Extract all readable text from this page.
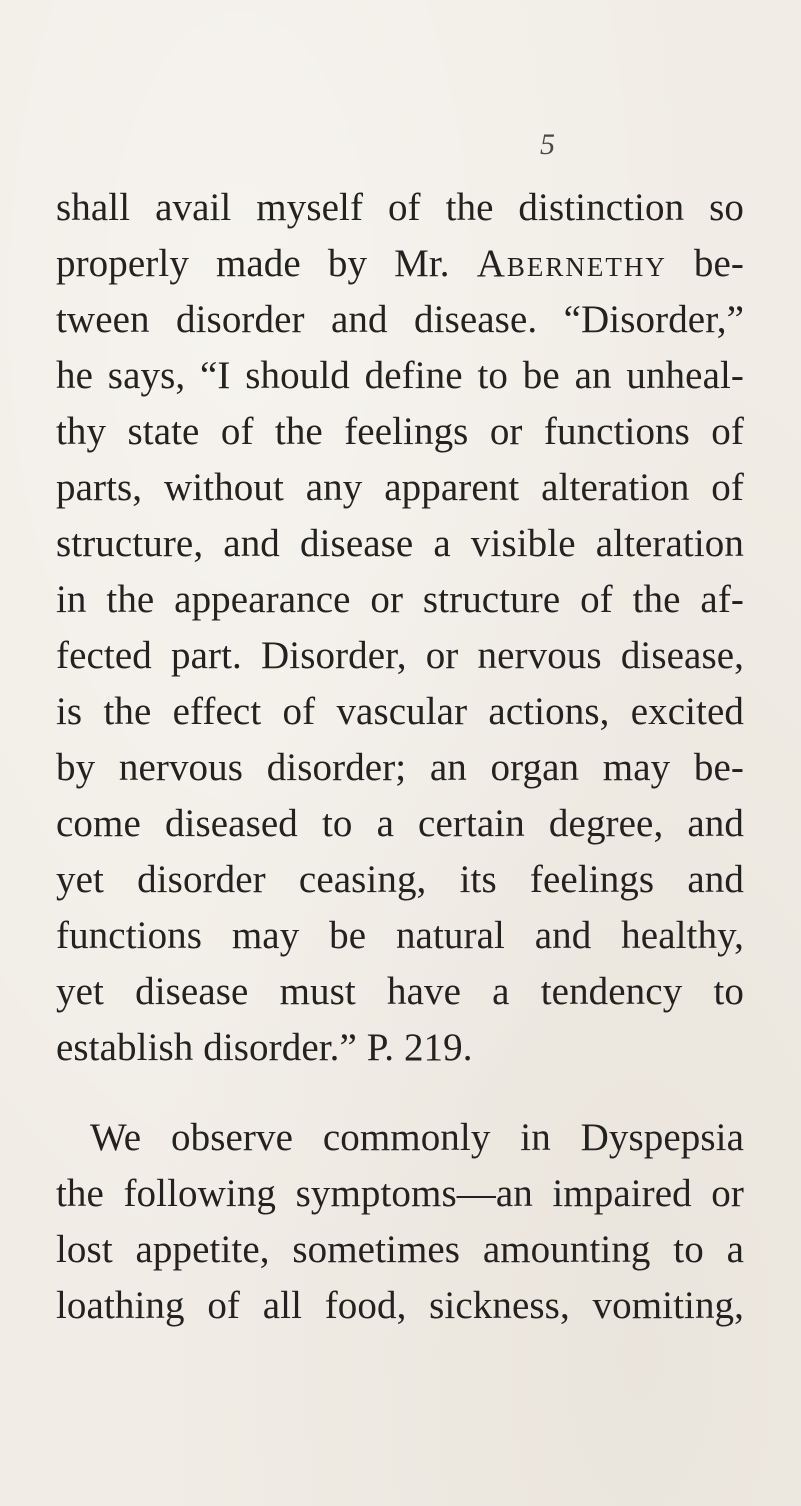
5
shall avail myself of the distinction so
properly made by Mr. Abernethy be-
tween disorder and disease. “Disorder,”
he says, “I should define to be an unheal-
thy state of the feelings or functions of
parts, without any apparent alteration of
structure, and disease a visible alteration
in the appearance or structure of the af-
fected part. Disorder, or nervous disease,
is the effect of vascular actions, excited
by nervous disorder; an organ may be-
come diseased to a certain degree, and
yet disorder ceasing, its feelings and
functions may be natural and healthy,
yet disease must have a tendency to
establish disorder.” P. 219.
We observe commonly in Dyspepsia
the following symptoms—an impaired or
lost appetite, sometimes amounting to a
loathing of all food, sickness, vomiting,
